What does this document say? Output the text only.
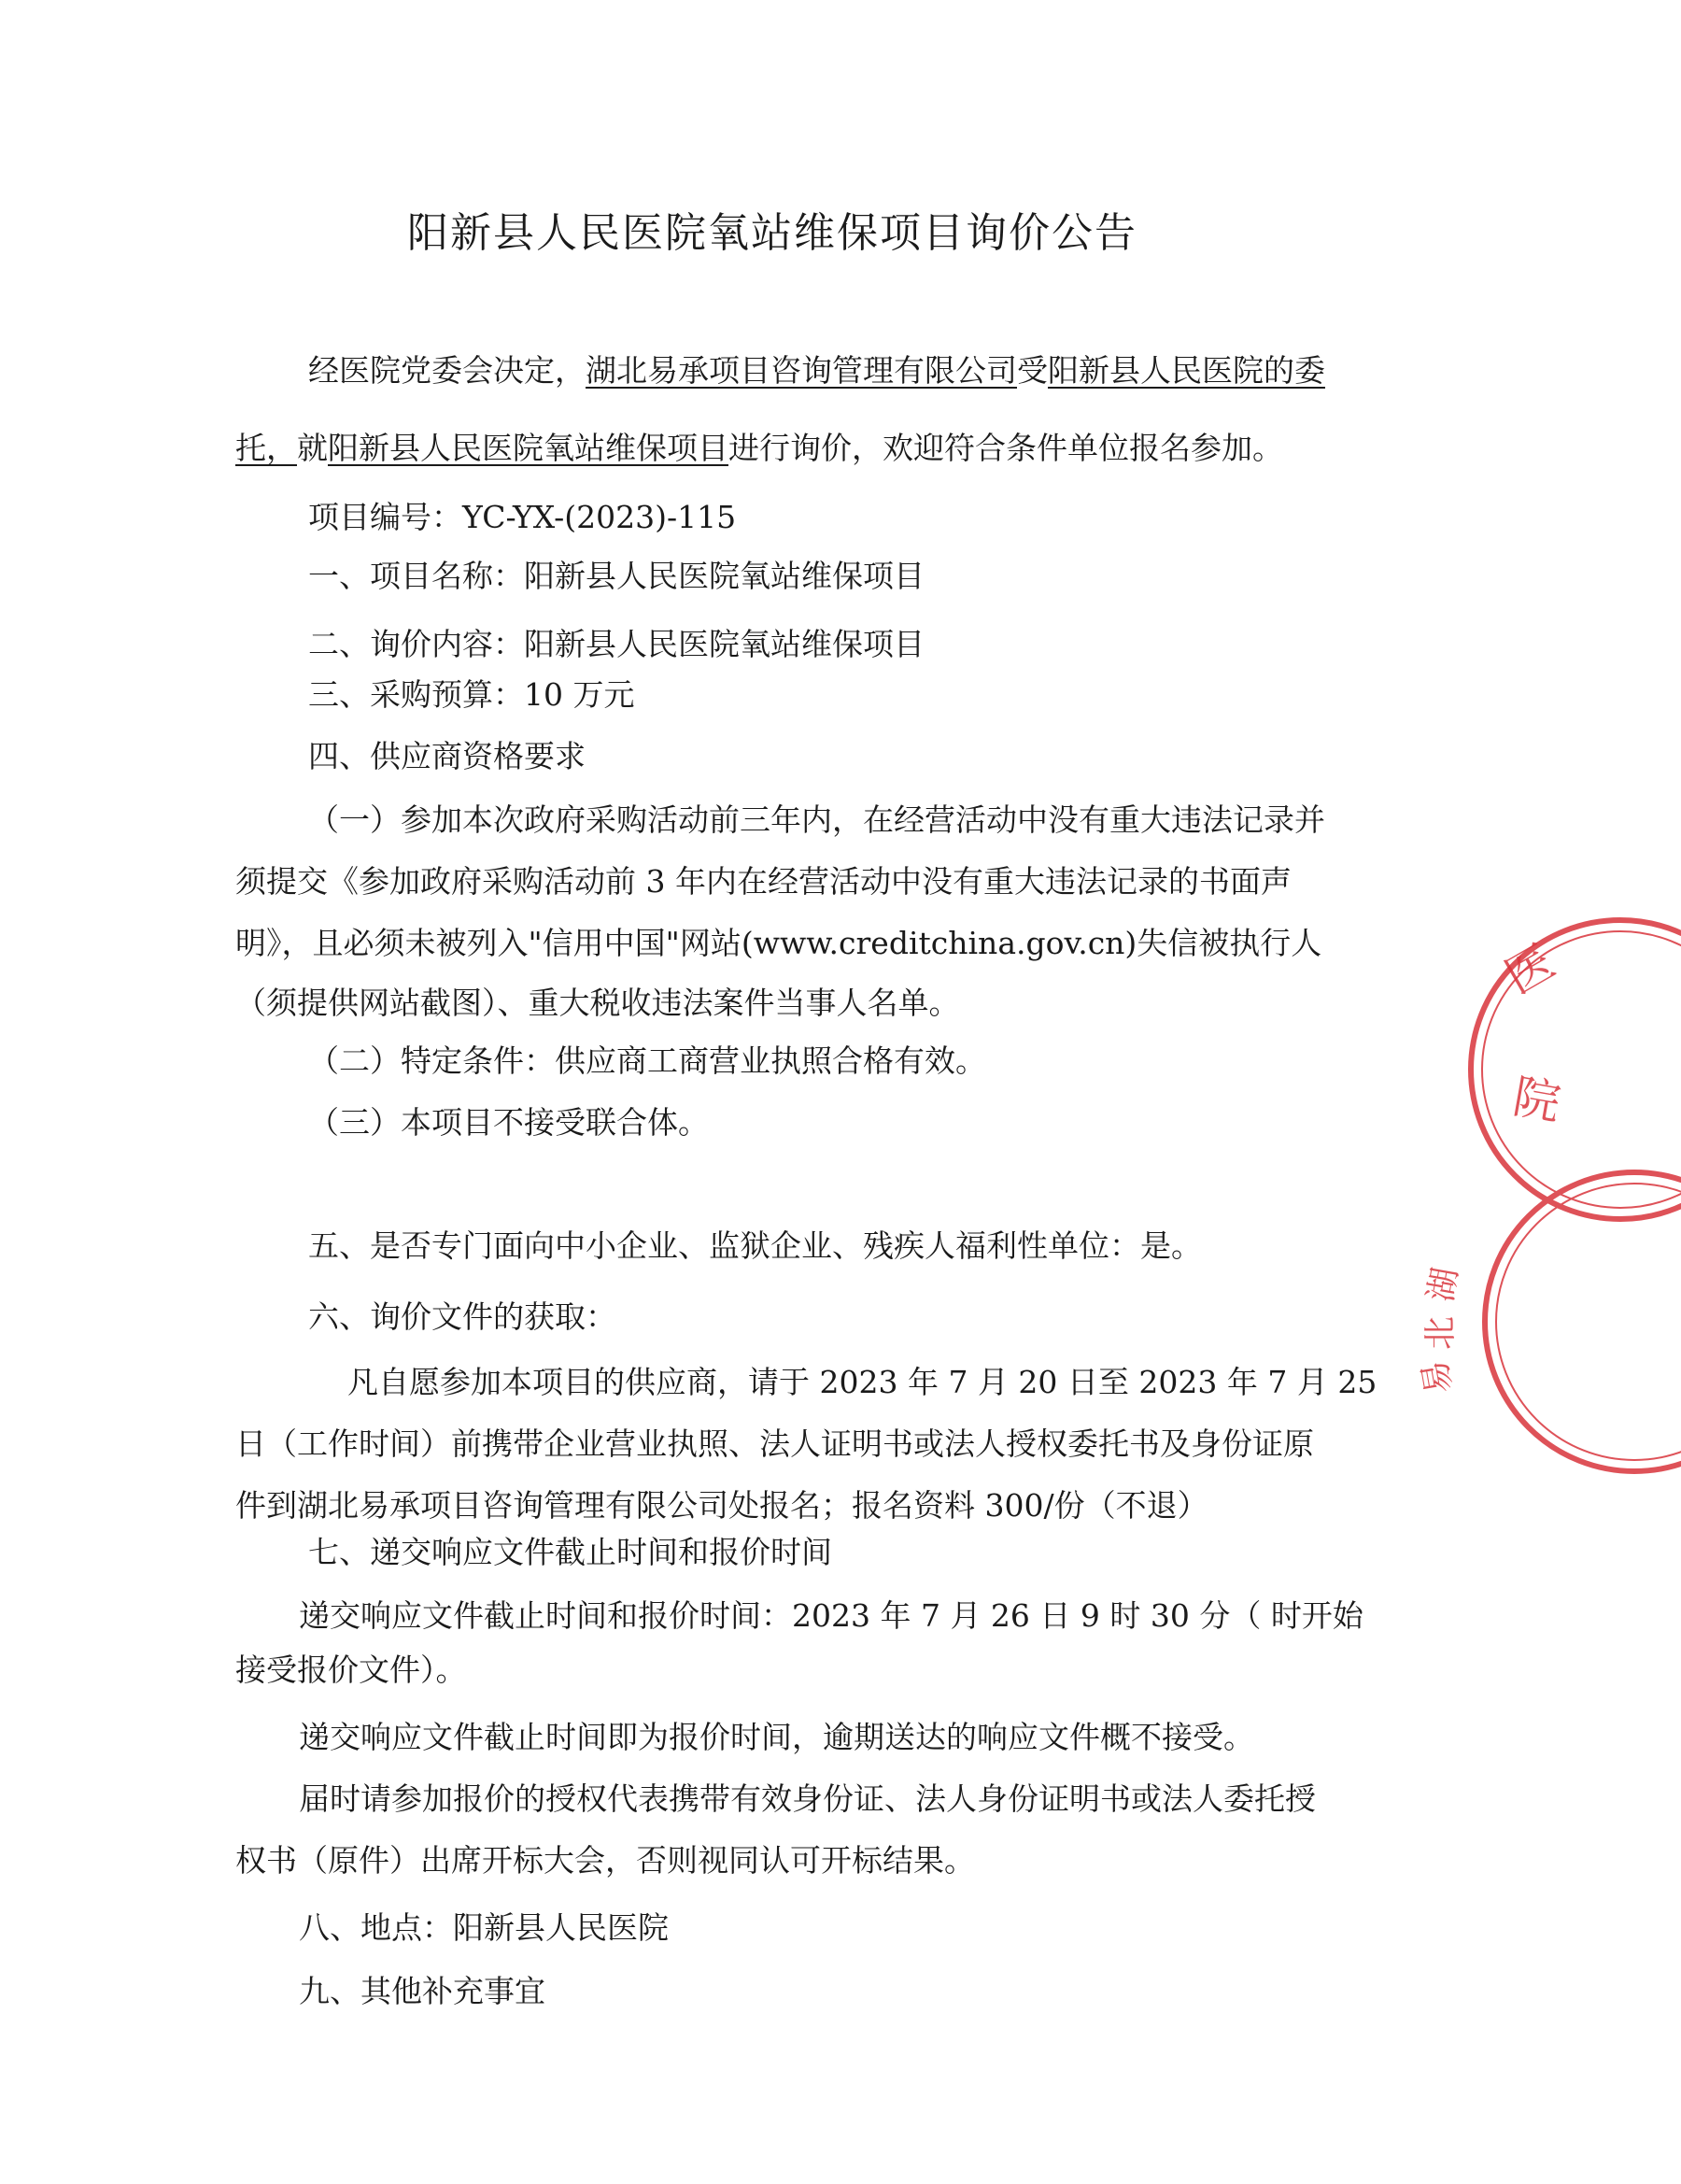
阳新县人民医院氧站维保项目询价公告

经医院党委会决定，湖北易承项目咨询管理有限公司受阳新县人民医院的委

托，就阳新县人民医院氧站维保项目进行询价，欢迎符合条件单位报名参加。

项目编号：YC-YX-(2023)-115

一、项目名称：阳新县人民医院氧站维保项目

二、询价内容：阳新县人民医院氧站维保项目

三、采购预算：10 万元

四、供应商资格要求

（一）参加本次政府采购活动前三年内，在经营活动中没有重大违法记录并

须提交《参加政府采购活动前 3 年内在经营活动中没有重大违法记录的书面声

明》，且必须未被列入"信用中国"网站(www.creditchina.gov.cn)失信被执行人

（须提供网站截图）、重大税收违法案件当事人名单。

（二）特定条件：供应商工商营业执照合格有效。

（三）本项目不接受联合体。

五、是否专门面向中小企业、监狱企业、残疾人福利性单位：是。

六、询价文件的获取：

凡自愿参加本项目的供应商，请于 2023 年 7 月 20 日至 2023 年 7 月 25

日（工作时间）前携带企业营业执照、法人证明书或法人授权委托书及身份证原

件到湖北易承项目咨询管理有限公司处报名；报名资料 300/份（不退）

七、递交响应文件截止时间和报价时间

递交响应文件截止时间和报价时间：2023 年 7 月 26 日 9 时 30 分（ 时开始

接受报价文件）。

递交响应文件截止时间即为报价时间，逾期送达的响应文件概不接受。

届时请参加报价的授权代表携带有效身份证、法人身份证明书或法人委托授

权书（原件）出席开标大会，否则视同认可开标结果。

八、地点：阳新县人民医院

九、其他补充事宜

医
院
湖
北
易
